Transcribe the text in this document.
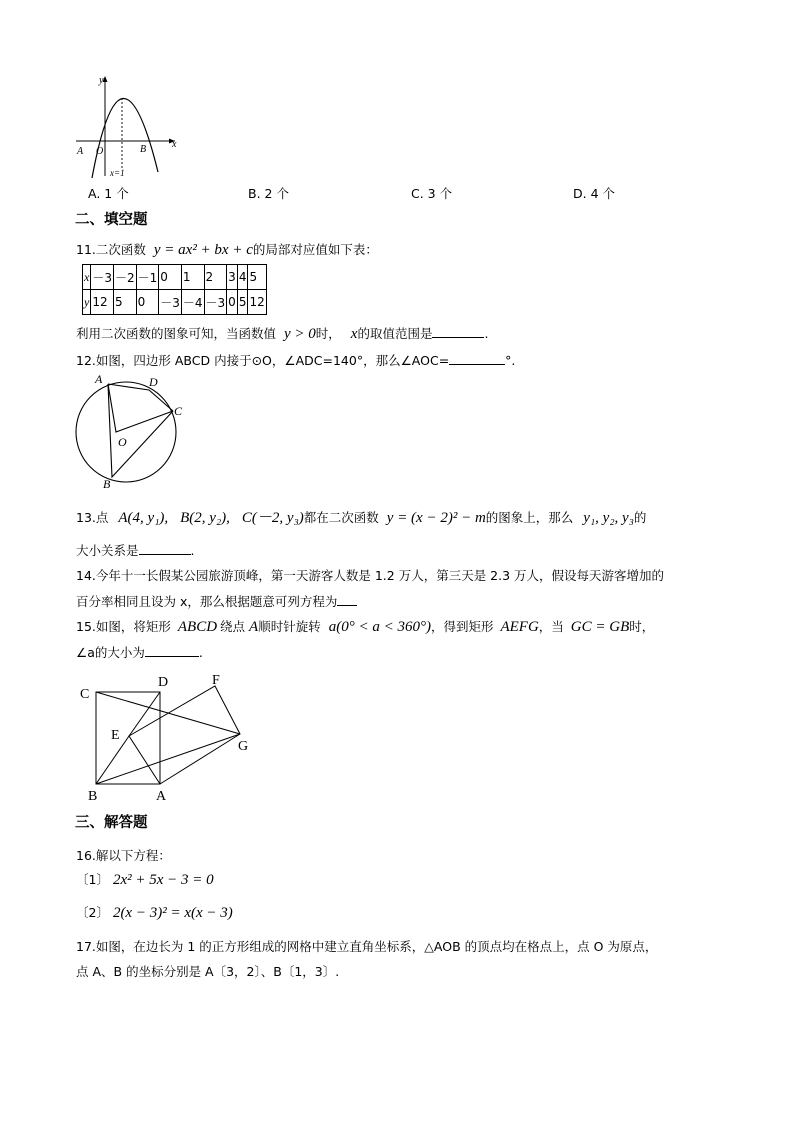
y
x
A O	B
x=1
A. 1 个	B. 2 个	C. 3 个	D. 4 个
二、填空题
11.二次函数 y = ax² + bx + c的局部对应值如下表：
x	－3	－2	－1	0	1	2	3	4	5
y	12	5	0	－3	－4	－3	0	5	12
利用二次函数的图象可知，当函数值 y > 0时， x的取值范围是	.
12.如图，四边形 ABCD 内接于⊙O，∠ADC=140°，那么∠AOC=	°.
A	D
C
O
B
13.点 A(4, y₁), B(2, y₂), C(－2, y₃)都在二次函数 y = (x − 2)² − m的图象上，那么 y₁, y₂, y₃的
大小关系是	.
14.今年十一长假某公园旅游顶峰，第一天游客人数是 1.2 万人，第三天是 2.3 万人，假设每天游客增加的
百分率相同且设为 x，那么根据题意可列方程为
15.如图，将矩形 ABCD 绕点 A顺时针旋转 a(0° < a < 360°)，得到矩形 AEFG，当 GC = GB时，
∠a的大小为	.
C
D	F
E
G
B	A
三、解答题
16.解以下方程：
〔1〕 2x² + 5x − 3 = 0
〔2〕 2(x − 3)² = x(x − 3)
17.如图，在边长为 1 的正方形组成的网格中建立直角坐标系，△AOB 的顶点均在格点上，点 O 为原点，
点 A、B 的坐标分别是 A〔3，2〕、B〔1，3〕.
